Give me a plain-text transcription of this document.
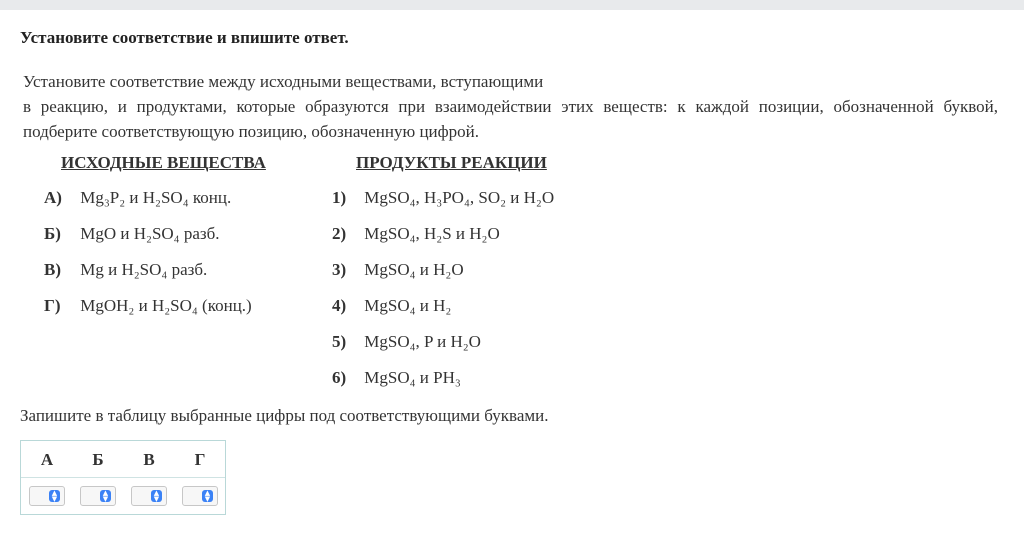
Установите соответствие и впишите ответ.
Установите соответствие между исходными веществами, вступающими
в реакцию, и продуктами, которые образуются при взаимодействии этих веществ: к каждой позиции, обозначенной буквой,
подберите соответствующую позицию, обозначенную цифрой.
ИСХОДНЫЕ ВЕЩЕСТВА	ПРОДУКТЫ РЕАКЦИИ
А) Mg₃P₂ и H₂SO₄ конц.
Б) MgO и H₂SO₄ разб.
В) Mg и H₂SO₄ разб.
Г) MgOH₂ и H₂SO₄ (конц.)
1) MgSO₄, H₃PO₄, SO₂ и H₂O
2) MgSO₄, H₂S и H₂O
3) MgSO₄ и H₂O
4) MgSO₄ и H₂
5) MgSO₄, P и H₂O
6) MgSO₄ и PH₃
Запишите в таблицу выбранные цифры под соответствующими буквами.
А	Б	В	Г
▲
▼
▲
▼
▲
▼
▲
▼
